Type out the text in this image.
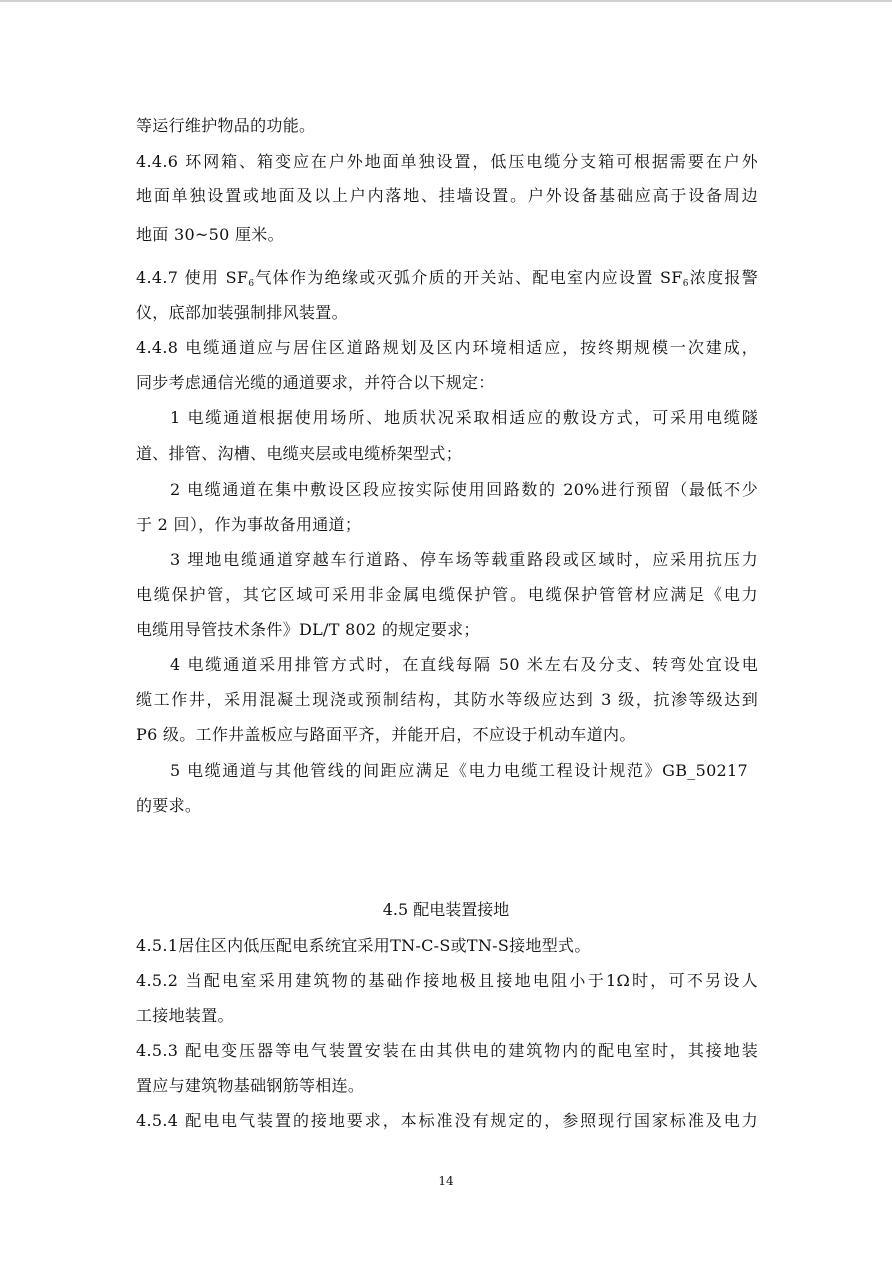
等运行维护物品的功能。
4.4.6 环网箱、箱变应在户外地面单独设置，低压电缆分支箱可根据需要在户外
地面单独设置或地面及以上户内落地、挂墙设置。户外设备基础应高于设备周边
地面 30~50 厘米。
4.4.7 使用 $SF_6$气体作为绝缘或灭弧介质的开关站、配电室内应设置 $SF_6$浓度报警
仪，底部加装强制排风装置。
4.4.8 电缆通道应与居住区道路规划及区内环境相适应，按终期规模一次建成，
同步考虑通信光缆的通道要求，并符合以下规定：
1 电缆通道根据使用场所、地质状况采取相适应的敷设方式，可采用电缆隧
道、排管、沟槽、电缆夹层或电缆桥架型式；
2 电缆通道在集中敷设区段应按实际使用回路数的 20%进行预留（最低不少
于 2 回），作为事故备用通道；
3 埋地电缆通道穿越车行道路、停车场等载重路段或区域时，应采用抗压力
电缆保护管，其它区域可采用非金属电缆保护管。电缆保护管管材应满足《电力
电缆用导管技术条件》DL/T 802 的规定要求；
4 电缆通道采用排管方式时，在直线每隔 50 米左右及分支、转弯处宜设电
缆工作井，采用混凝土现浇或预制结构，其防水等级应达到 3 级，抗渗等级达到
P6 级。工作井盖板应与路面平齐，并能开启，不应设于机动车道内。
5 电缆通道与其他管线的间距应满足《电力电缆工程设计规范》GB_50217
的要求。
4.5 配电装置接地
4.5.1居住区内低压配电系统宜采用TN-C-S或TN-S接地型式。
4.5.2 当配电室采用建筑物的基础作接地极且接地电阻小于1Ω时，可不另设人
工接地装置。
4.5.3 配电变压器等电气装置安装在由其供电的建筑物内的配电室时，其接地装
置应与建筑物基础钢筋等相连。
4.5.4 配电电气装置的接地要求，本标准没有规定的，参照现行国家标准及电力
14
